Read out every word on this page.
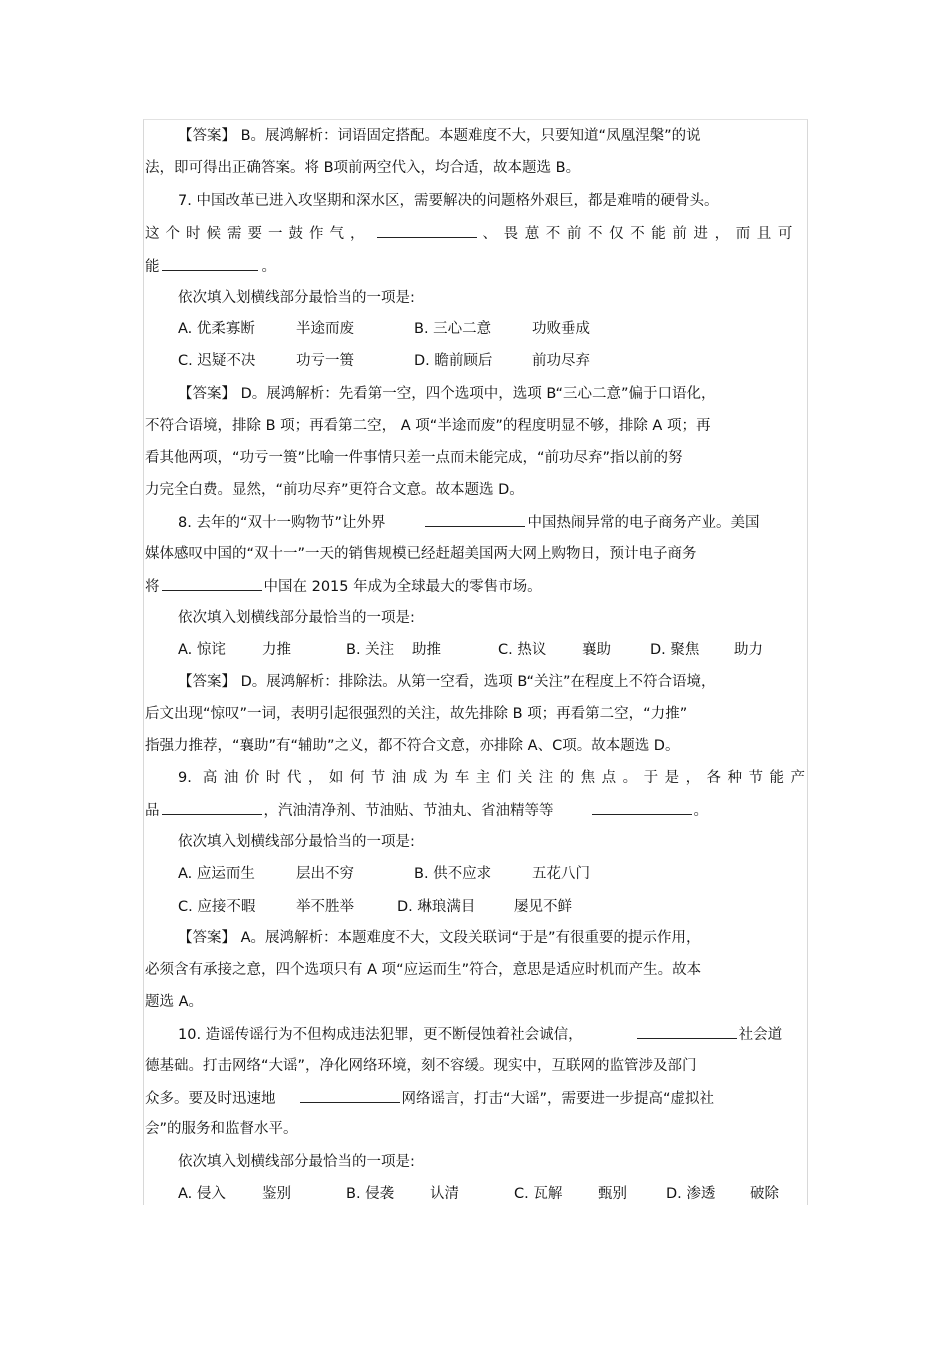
【答案】 B。展鸿解析：词语固定搭配。本题难度不大，只要知道“凤凰涅槃”的说
法，即可得出正确答案。将 B项前两空代入，均合适，故本题选 B。
7. 中国改革已进入攻坚期和深水区，需要解决的问题格外艰巨，都是难啃的硬骨头。
这个时候需要一鼓作气，	、畏葸不前不仅不能前进，而且可
能	。
依次填入划横线部分最恰当的一项是:
A. 优柔寡断	半途而废	B. 三心二意	功败垂成
C. 迟疑不决	功亏一篑	D. 瞻前顾后	前功尽弃
【答案】 D。展鸿解析：先看第一空，四个选项中，选项 B“三心二意”偏于口语化，
不符合语境，排除 B 项；再看第二空， A 项“半途而废”的程度明显不够，排除 A 项；再
看其他两项，“功亏一篑”比喻一件事情只差一点而未能完成，“前功尽弃”指以前的努
力完全白费。显然，“前功尽弃”更符合文意。故本题选 D。
8. 去年的“双十一购物节”让外界	中国热闹异常的电子商务产业。美国
媒体感叹中国的“双十一”一天的销售规模已经赶超美国两大网上购物日，预计电子商务
将	中国在 2015 年成为全球最大的零售市场。
依次填入划横线部分最恰当的一项是:
A. 惊诧 力推	B. 关注 助推	C. 热议 襄助	D. 聚焦 助力
【答案】 D。展鸿解析：排除法。从第一空看，选项 B“关注”在程度上不符合语境，
后文出现“惊叹”一词，表明引起很强烈的关注，故先排除 B 项；再看第二空，“力推”
指强力推荐，“襄助”有“辅助”之义，都不符合文意，亦排除 A、C项。故本题选 D。
9. 高油价时代，如何节油成为车主们关注的焦点。于是，各种节能产
品	，汽油清净剂、节油贴、节油丸、省油精等等	。
依次填入划横线部分最恰当的一项是:
A. 应运而生	层出不穷	B. 供不应求	五花八门
C. 应接不暇	举不胜举	D. 琳琅满目	屡见不鲜
【答案】 A。展鸿解析：本题难度不大，文段关联词“于是”有很重要的提示作用，
必须含有承接之意，四个选项只有 A 项“应运而生”符合，意思是适应时机而产生。故本
题选 A。
10. 造谣传谣行为不但构成违法犯罪，更不断侵蚀着社会诚信，	社会道
德基础。打击网络“大谣”，净化网络环境，刻不容缓。现实中，互联网的监管涉及部门
众多。要及时迅速地	网络谣言，打击“大谣”，需要进一步提高“虚拟社
会”的服务和监督水平。
依次填入划横线部分最恰当的一项是:
A. 侵入 鉴别	B. 侵袭 认清	C. 瓦解 甄别	D. 渗透 破除
